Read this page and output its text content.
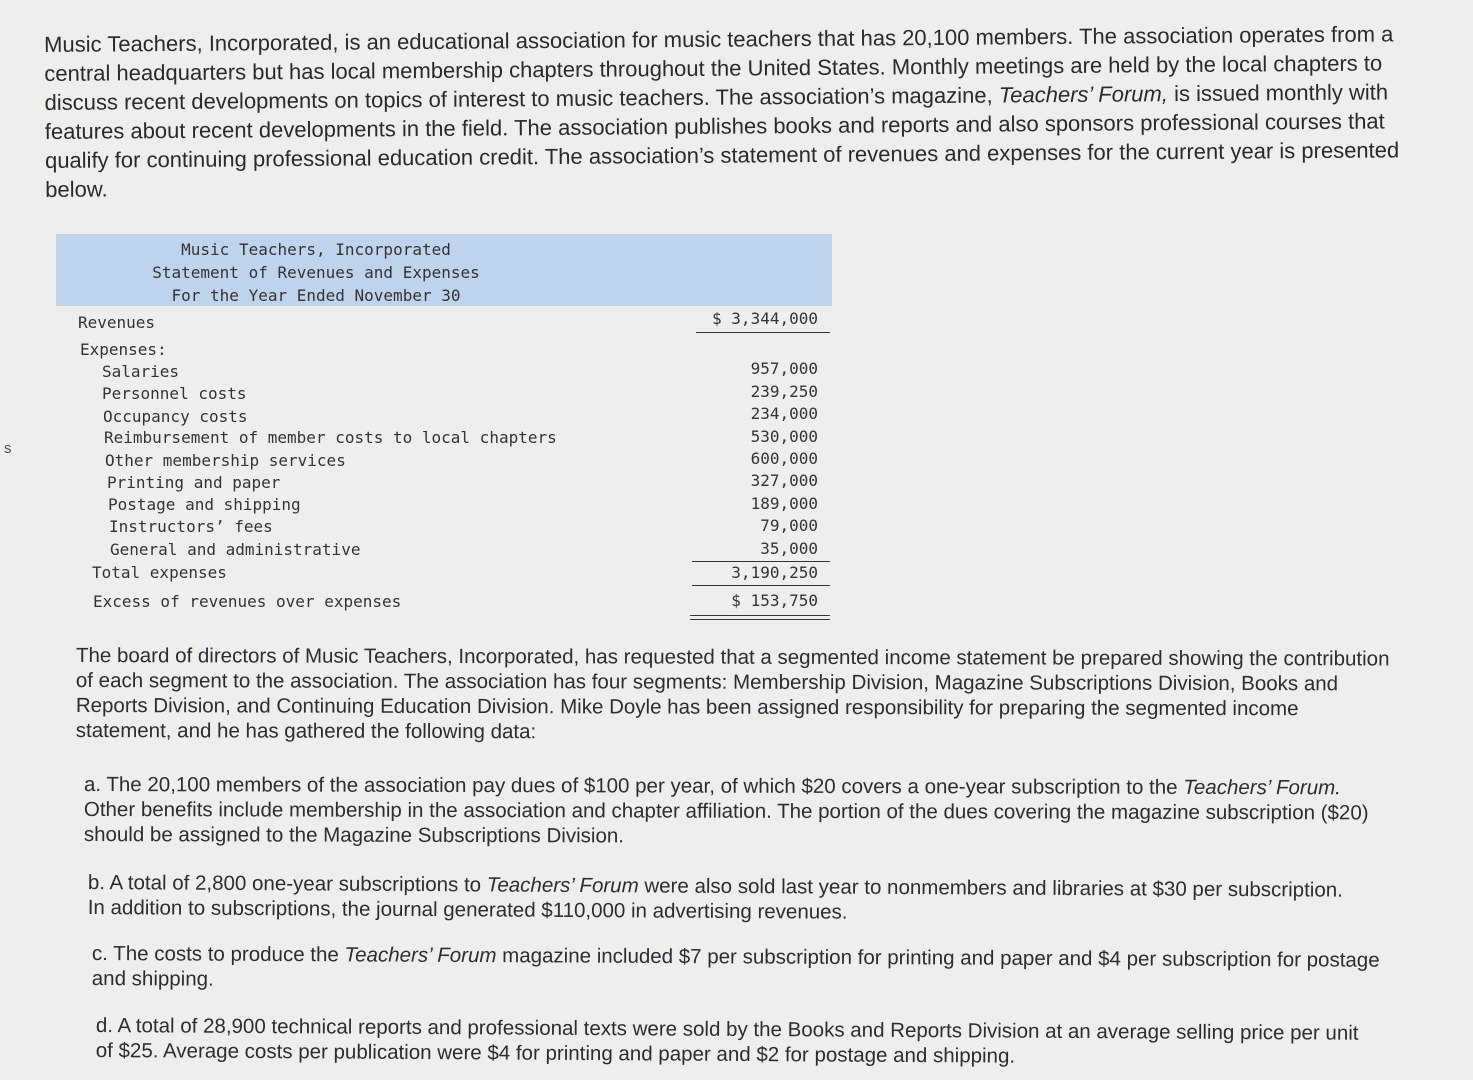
s
Music Teachers, Incorporated, is an educational association for music teachers that has 20,100 members. The association operates from a central headquarters but has local membership chapters throughout the United States. Monthly meetings are held by the local chapters to discuss recent developments on topics of interest to music teachers. The association’s magazine, Teachers’ Forum, is issued monthly with features about recent developments in the field. The association publishes books and reports and also sponsors professional courses that qualify for continuing professional education credit. The association’s statement of revenues and expenses for the current year is presented below.
Music Teachers, Incorporated
Statement of Revenues and Expenses
For the Year Ended November 30
Revenues	$ 3,344,000
Expenses:
Salaries	957,000
Personnel costs	239,250
Occupancy costs	234,000
Reimbursement of member costs to local chapters	530,000
Other membership services	600,000
Printing and paper	327,000
Postage and shipping	189,000
Instructors’ fees	79,000
General and administrative	35,000
Total expenses	3,190,250
Excess of revenues over expenses	$ 153,750
The board of directors of Music Teachers, Incorporated, has requested that a segmented income statement be prepared showing the contribution of each segment to the association. The association has four segments: Membership Division, Magazine Subscriptions Division, Books and Reports Division, and Continuing Education Division. Mike Doyle has been assigned responsibility for preparing the segmented income statement, and he has gathered the following data:
a. The 20,100 members of the association pay dues of $100 per year, of which $20 covers a one-year subscription to the Teachers’ Forum. Other benefits include membership in the association and chapter affiliation. The portion of the dues covering the magazine subscription ($20) should be assigned to the Magazine Subscriptions Division.
b. A total of 2,800 one-year subscriptions to Teachers’ Forum were also sold last year to nonmembers and libraries at $30 per subscription. In addition to subscriptions, the journal generated $110,000 in advertising revenues.
c. The costs to produce the Teachers’ Forum magazine included $7 per subscription for printing and paper and $4 per subscription for postage and shipping.
d. A total of 28,900 technical reports and professional texts were sold by the Books and Reports Division at an average selling price per unit of $25. Average costs per publication were $4 for printing and paper and $2 for postage and shipping.
